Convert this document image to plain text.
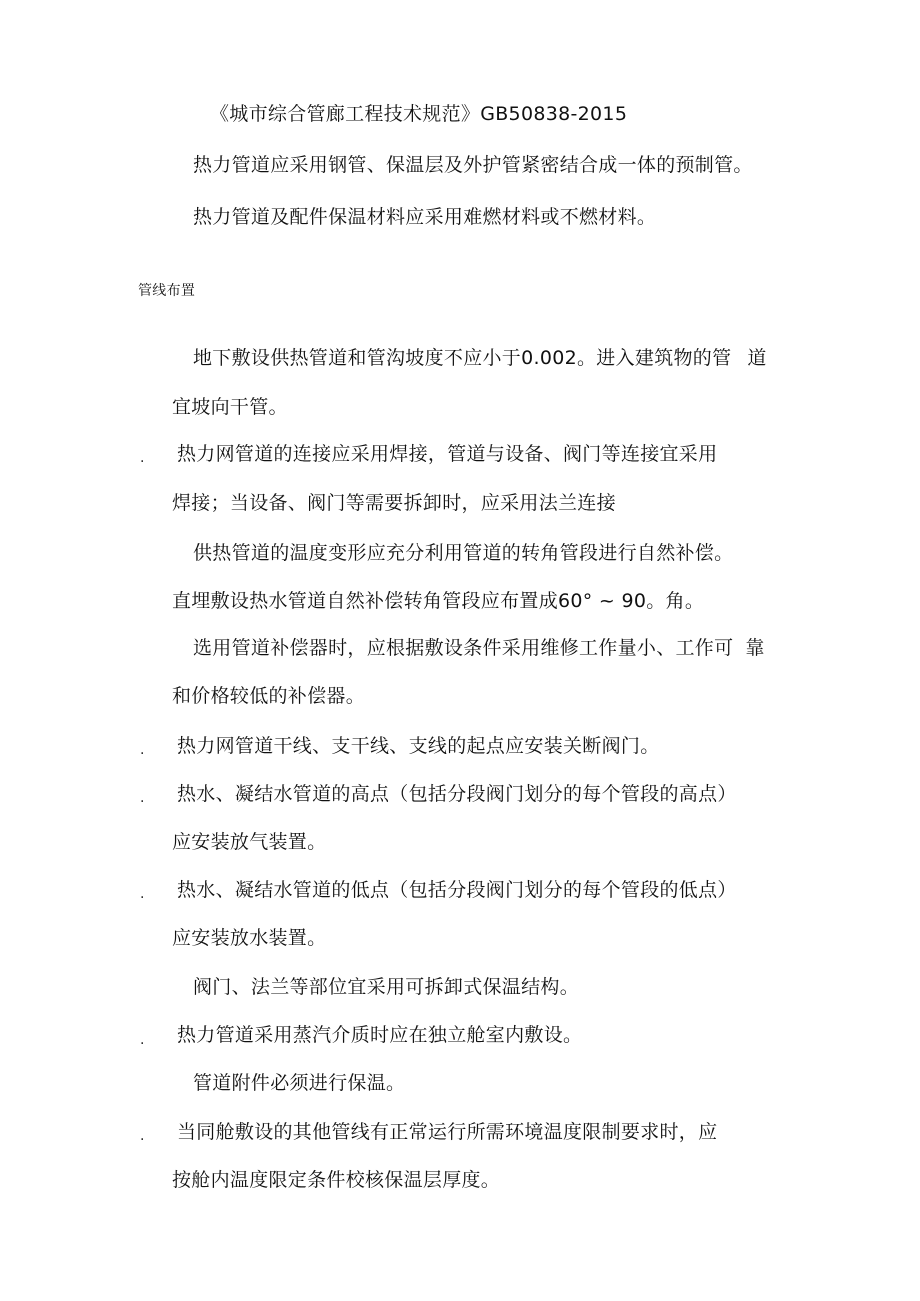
《城市综合管廊工程技术规范》GB50838-2015
热力管道应采用钢管、保温层及外护管紧密结合成一体的预制管。
热力管道及配件保温材料应采用难燃材料或不燃材料。
管线布置
地下敷设供热管道和管沟坡度不应小于0.002。进入建筑物的管 道
宜坡向干管。
. 热力网管道的连接应采用焊接，管道与设备、阀门等连接宜采用
焊接；当设备、阀门等需要拆卸时，应采用法兰连接
供热管道的温度变形应充分利用管道的转角管段进行自然补偿。
直埋敷设热水管道自然补偿转角管段应布置成60° ~ 90。角。
选用管道补偿器时，应根据敷设条件采用维修工作量小、工作可 靠
和价格较低的补偿器。
. 热力网管道干线、支干线、支线的起点应安装关断阀门。
. 热水、凝结水管道的高点（包括分段阀门划分的每个管段的高点）
应安装放气装置。
. 热水、凝结水管道的低点（包括分段阀门划分的每个管段的低点）
应安装放水装置。
阀门、法兰等部位宜采用可拆卸式保温结构。
. 热力管道采用蒸汽介质时应在独立舱室内敷设。
管道附件必须进行保温。
. 当同舱敷设的其他管线有正常运行所需环境温度限制要求时，应
按舱内温度限定条件校核保温层厚度。
